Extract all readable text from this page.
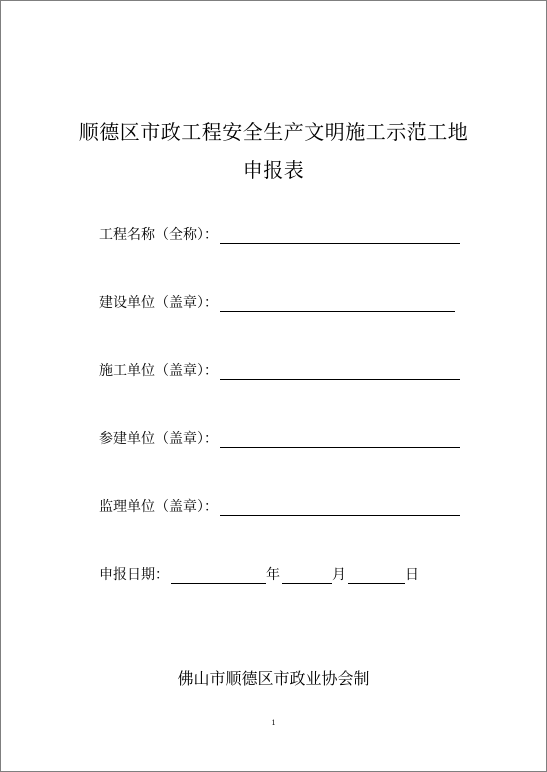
顺德区市政工程安全生产文明施工示范工地
申报表
工程名称（全称）：
建设单位（盖章）：
施工单位（盖章）：
参建单位（盖章）：
监理单位（盖章）：
申报日期：	年	月	日
佛山市顺德区市政业协会制
1
